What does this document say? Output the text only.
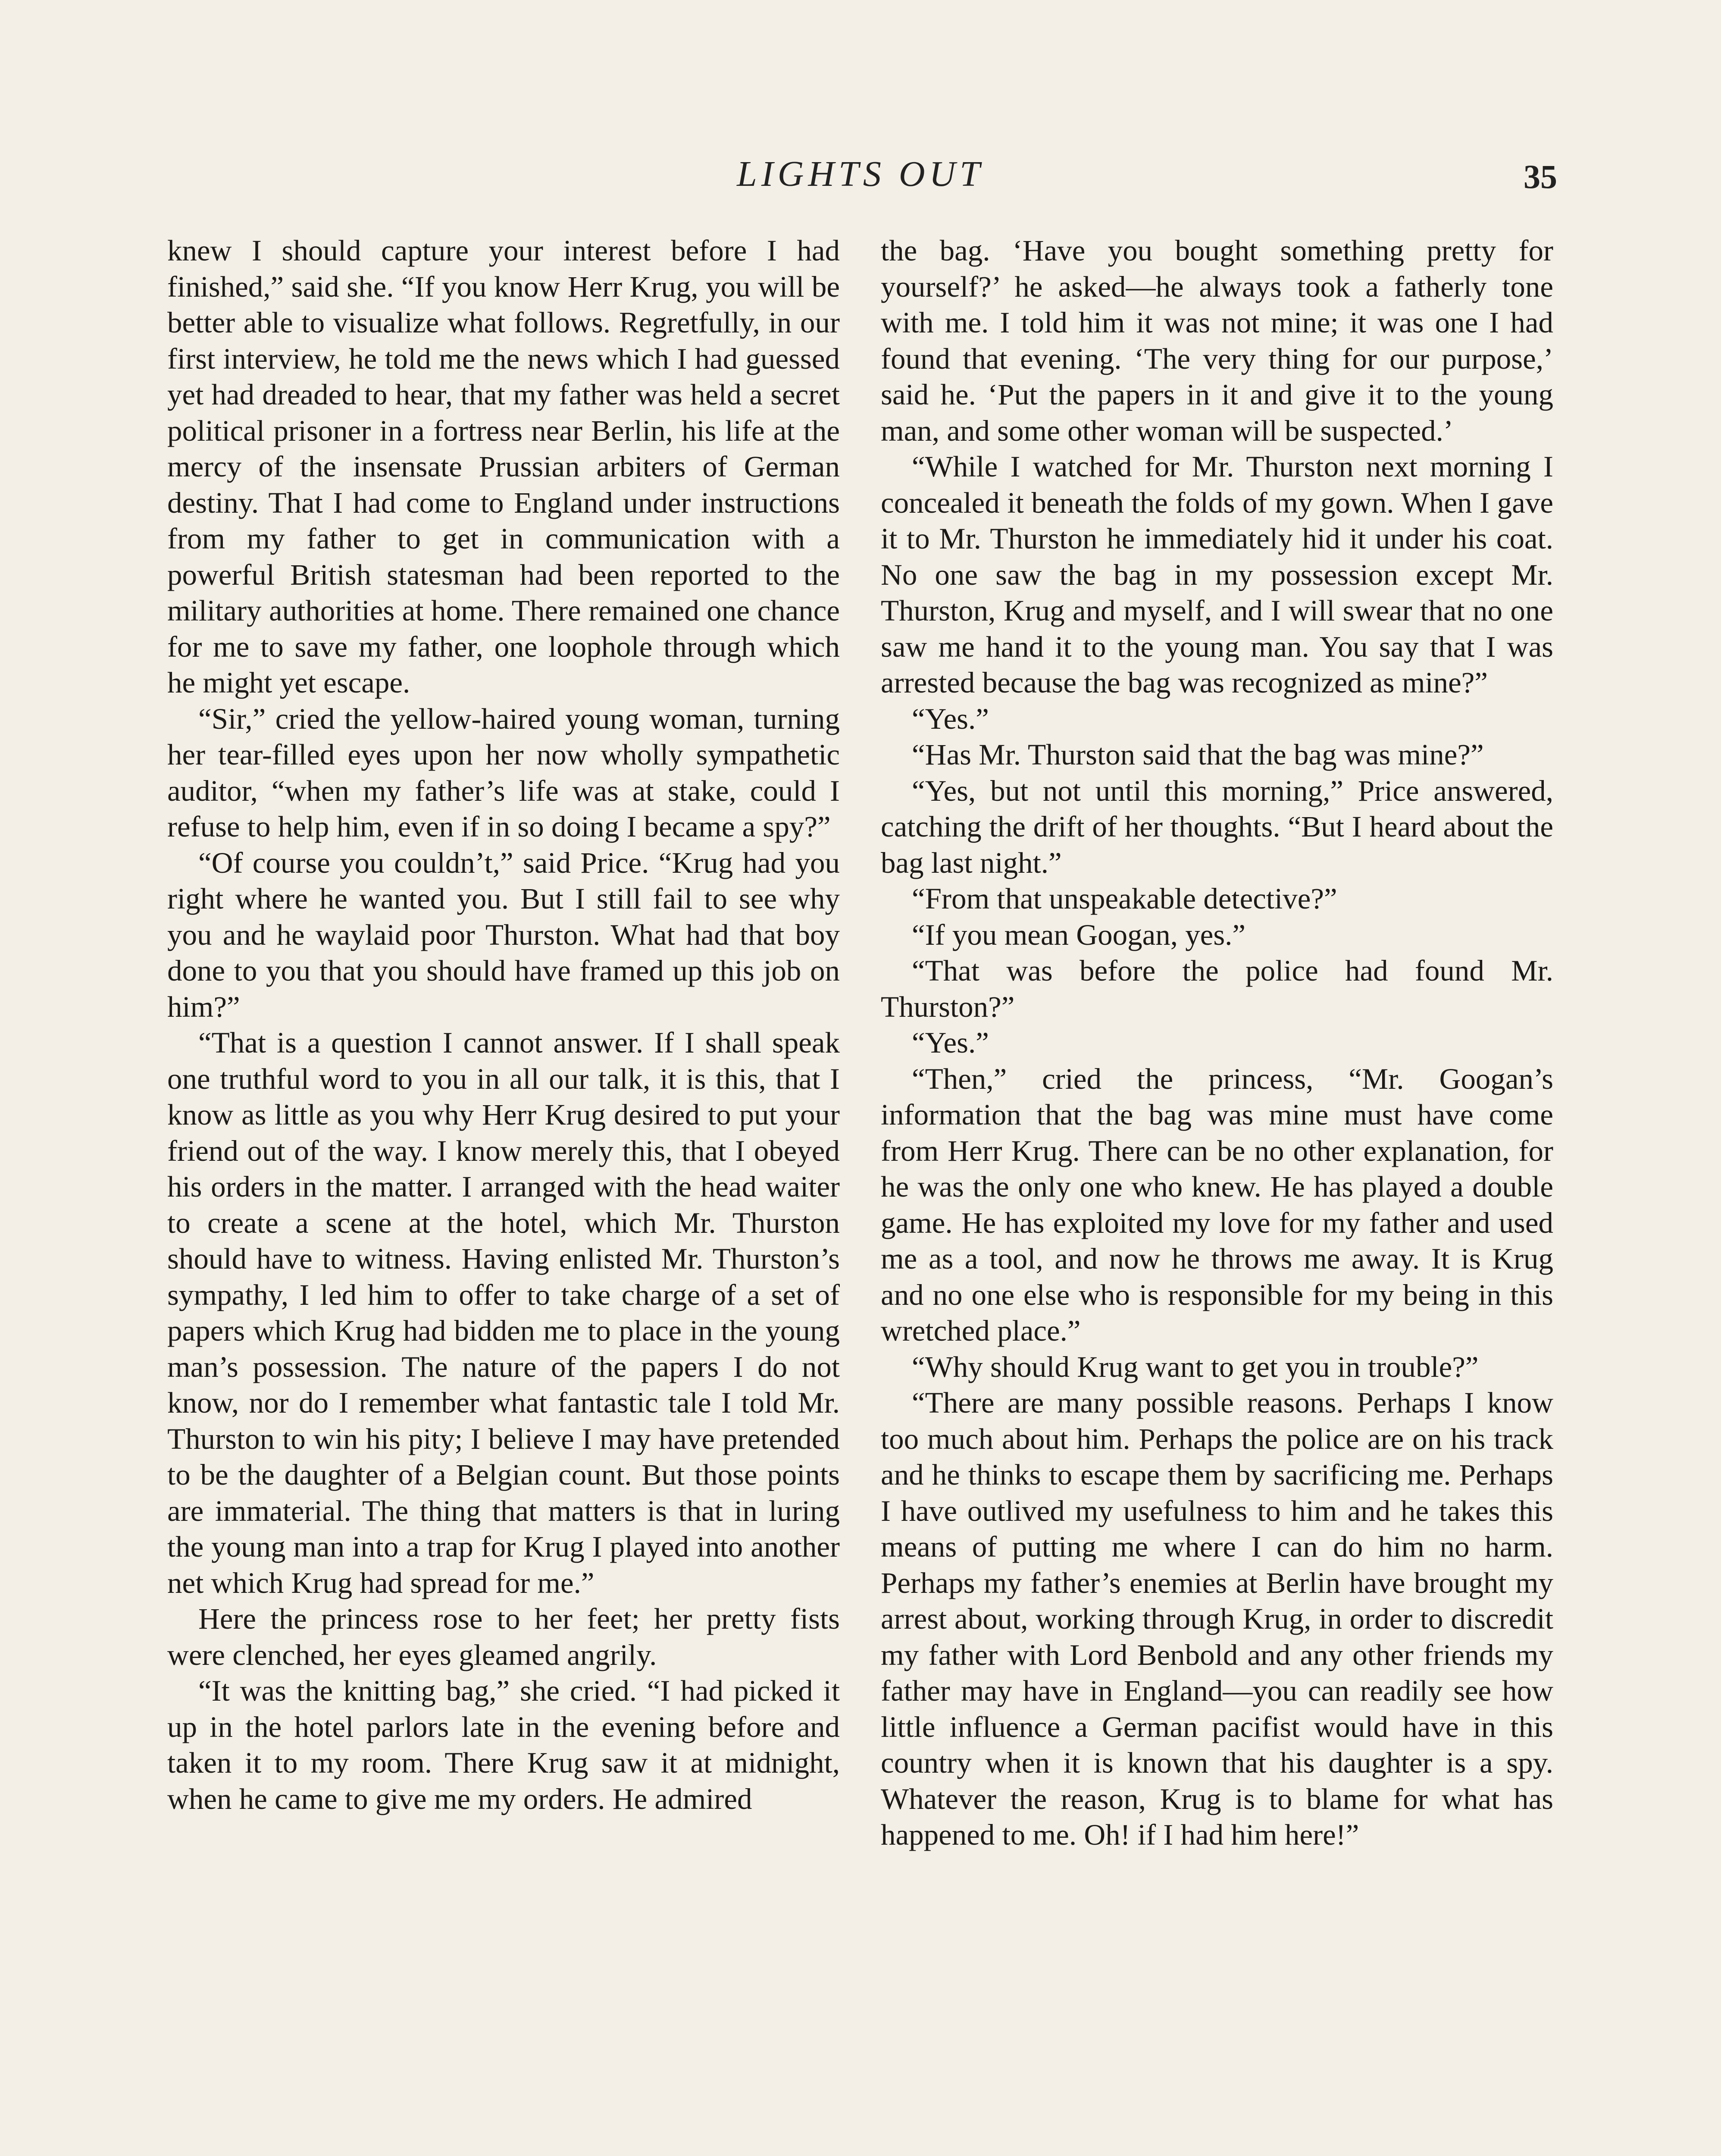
LIGHTS OUT	35

knew I should capture your interest before I had finished,” said she. “If you know Herr Krug, you will be better able to visualize what follows. Regretfully, in our first interview, he told me the news which I had guessed yet had dreaded to hear, that my father was held a secret political prisoner in a fortress near Berlin, his life at the mercy of the insensate Prussian arbiters of German destiny. That I had come to England under instructions from my father to get in communication with a powerful British statesman had been reported to the military authorities at home. There remained one chance for me to save my father, one loophole through which he might yet escape.

“Sir,” cried the yellow-haired young woman, turning her tear-filled eyes upon her now wholly sympathetic auditor, “when my father’s life was at stake, could I refuse to help him, even if in so doing I became a spy?”

“Of course you couldn’t,” said Price. “Krug had you right where he wanted you. But I still fail to see why you and he waylaid poor Thurston. What had that boy done to you that you should have framed up this job on him?”

“That is a question I cannot answer. If I shall speak one truthful word to you in all our talk, it is this, that I know as little as you why Herr Krug desired to put your friend out of the way. I know merely this, that I obeyed his orders in the matter. I arranged with the head waiter to create a scene at the hotel, which Mr. Thurston should have to witness. Having enlisted Mr. Thurston’s sympathy, I led him to offer to take charge of a set of papers which Krug had bidden me to place in the young man’s possession. The nature of the papers I do not know, nor do I remember what fantastic tale I told Mr. Thurston to win his pity; I believe I may have pretended to be the daughter of a Belgian count. But those points are immaterial. The thing that matters is that in luring the young man into a trap for Krug I played into another net which Krug had spread for me.”

Here the princess rose to her feet; her pretty fists were clenched, her eyes gleamed angrily.

“It was the knitting bag,” she cried. “I had picked it up in the hotel parlors late in the evening before and taken it to my room. There Krug saw it at midnight, when he came to give me my orders. He admired

the bag. ‘Have you bought something pretty for yourself?’ he asked—he always took a fatherly tone with me. I told him it was not mine; it was one I had found that evening. ‘The very thing for our purpose,’ said he. ‘Put the papers in it and give it to the young man, and some other woman will be suspected.’

“While I watched for Mr. Thurston next morning I concealed it beneath the folds of my gown. When I gave it to Mr. Thurston he immediately hid it under his coat. No one saw the bag in my possession except Mr. Thurston, Krug and myself, and I will swear that no one saw me hand it to the young man. You say that I was arrested because the bag was recognized as mine?”

“Yes.”

“Has Mr. Thurston said that the bag was mine?”

“Yes, but not until this morning,” Price answered, catching the drift of her thoughts. “But I heard about the bag last night.”

“From that unspeakable detective?”

“If you mean Googan, yes.”

“That was before the police had found Mr. Thurston?”

“Yes.”

“Then,” cried the princess, “Mr. Googan’s information that the bag was mine must have come from Herr Krug. There can be no other explanation, for he was the only one who knew. He has played a double game. He has exploited my love for my father and used me as a tool, and now he throws me away. It is Krug and no one else who is responsible for my being in this wretched place.”

“Why should Krug want to get you in trouble?”

“There are many possible reasons. Perhaps I know too much about him. Perhaps the police are on his track and he thinks to escape them by sacrificing me. Perhaps I have outlived my usefulness to him and he takes this means of putting me where I can do him no harm. Perhaps my father’s enemies at Berlin have brought my arrest about, working through Krug, in order to discredit my father with Lord Benbold and any other friends my father may have in England—you can readily see how little influence a German pacifist would have in this country when it is known that his daughter is a spy. Whatever the reason, Krug is to blame for what has happened to me. Oh! if I had him here!”
